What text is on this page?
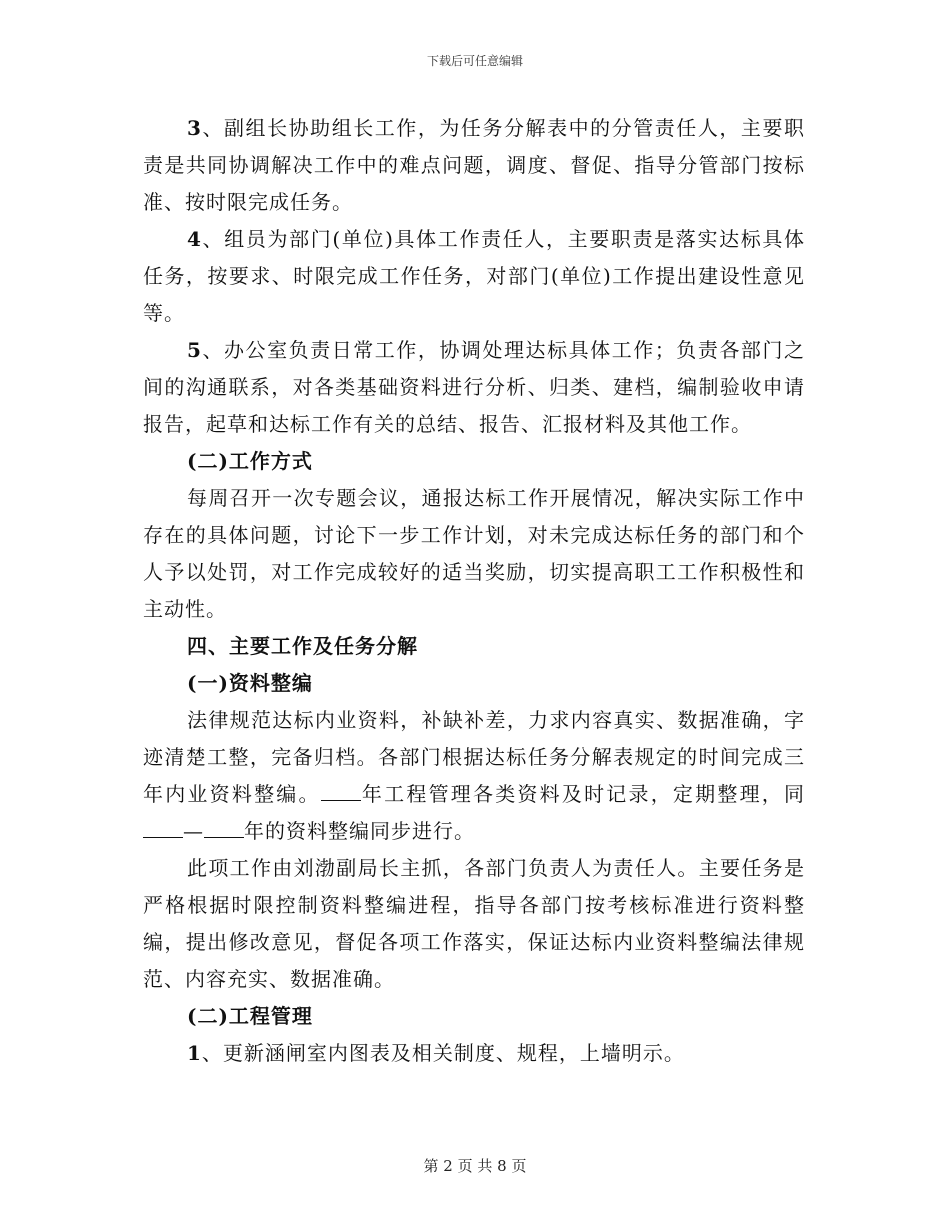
下载后可任意编辑

3、副组长协助组长工作，为任务分解表中的分管责任人，主要职责是共同协调解决工作中的难点问题，调度、督促、指导分管部门按标准、按时限完成任务。

4、组员为部门(单位)具体工作责任人，主要职责是落实达标具体任务，按要求、时限完成工作任务，对部门(单位)工作提出建设性意见等。

5、办公室负责日常工作，协调处理达标具体工作；负责各部门之间的沟通联系，对各类基础资料进行分析、归类、建档，编制验收申请报告，起草和达标工作有关的总结、报告、汇报材料及其他工作。

(二)工作方式

每周召开一次专题会议，通报达标工作开展情况，解决实际工作中存在的具体问题，讨论下一步工作计划，对未完成达标任务的部门和个人予以处罚，对工作完成较好的适当奖励，切实提高职工工作积极性和主动性。

四、主要工作及任务分解

(一)资料整编

法律规范达标内业资料，补缺补差，力求内容真实、数据准确，字迹清楚工整，完备归档。各部门根据达标任务分解表规定的时间完成三年内业资料整编。 年工程管理各类资料及时记录，定期整理，同— 年的资料整编同步进行。

此项工作由刘渤副局长主抓，各部门负责人为责任人。主要任务是严格根据时限控制资料整编进程，指导各部门按考核标准进行资料整编，提出修改意见，督促各项工作落实，保证达标内业资料整编法律规范、内容充实、数据准确。

(二)工程管理

1、更新涵闸室内图表及相关制度、规程，上墙明示。

第 2 页 共 8 页
